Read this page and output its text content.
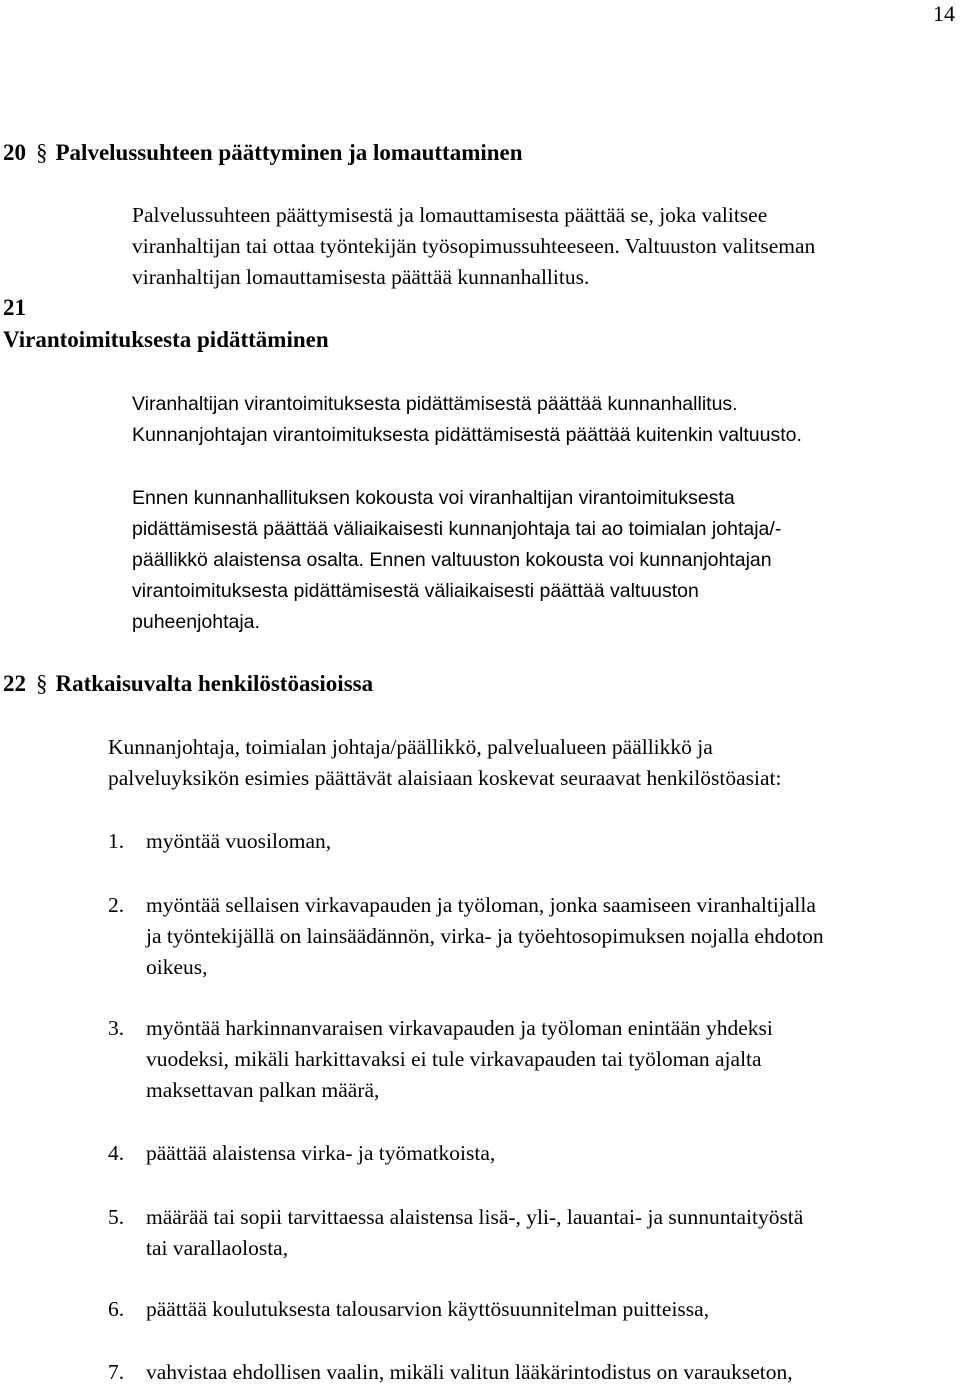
14
20 § Palvelussuhteen päättyminen ja lomauttaminen
Palvelussuhteen päättymisestä ja lomauttamisesta päättää se, joka valitsee
viranhaltijan tai ottaa työntekijän työsopimussuhteeseen. Valtuuston valitseman
viranhaltijan lomauttamisesta päättää kunnanhallitus.
21
Virantoimituksesta pidättäminen
Viranhaltijan virantoimituksesta pidättämisestä päättää kunnanhallitus.
Kunnanjohtajan virantoimituksesta pidättämisestä päättää kuitenkin valtuusto.
Ennen kunnanhallituksen kokousta voi viranhaltijan virantoimituksesta
pidättämisestä päättää väliaikaisesti kunnanjohtaja tai ao toimialan johtaja/-
päällikkö alaistensa osalta. Ennen valtuuston kokousta voi kunnanjohtajan
virantoimituksesta pidättämisestä väliaikaisesti päättää valtuuston
puheenjohtaja.
22 § Ratkaisuvalta henkilöstöasioissa
Kunnanjohtaja, toimialan johtaja/päällikkö, palvelualueen päällikkö ja
palveluyksikön esimies päättävät alaisiaan koskevat seuraavat henkilöstöasiat:
1.	myöntää vuosiloman,
2.	myöntää sellaisen virkavapauden ja työloman, jonka saamiseen viranhaltijalla
ja työntekijällä on lainsäädännön, virka- ja työehtosopimuksen nojalla ehdoton
oikeus,
3.	myöntää harkinnanvaraisen virkavapauden ja työloman enintään yhdeksi
vuodeksi, mikäli harkittavaksi ei tule virkavapauden tai työloman ajalta
maksettavan palkan määrä,
4.	päättää alaistensa virka- ja työmatkoista,
5.	määrää tai sopii tarvittaessa alaistensa lisä-, yli-, lauantai- ja sunnuntaityöstä
tai varallaolosta,
6.	päättää koulutuksesta talousarvion käyttösuunnitelman puitteissa,
7.	vahvistaa ehdollisen vaalin, mikäli valitun lääkärintodistus on varaukseton,
